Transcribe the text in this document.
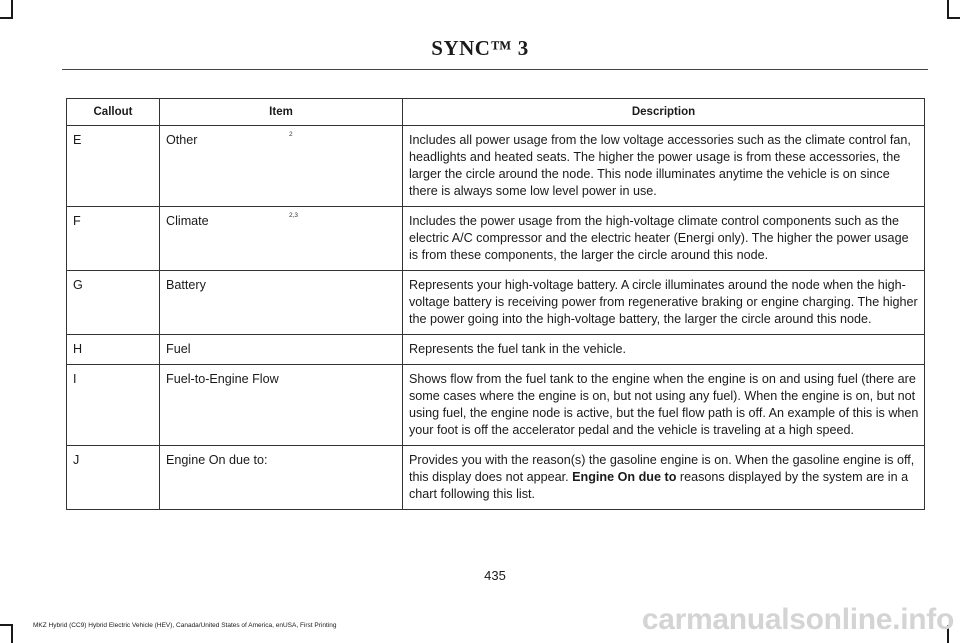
SYNC™ 3
Callout	Item	Description
E	Other 2	Includes all power usage from the low voltage accessories such as the climate control fan, headlights and heated seats. The higher the power usage is from these accessories, the larger the circle around the node. This node illuminates anytime the vehicle is on since there is always some low level power in use.
F	Climate 2,3	Includes the power usage from the high-voltage climate control components such as the electric A/C compressor and the electric heater (Energi only). The higher the power usage is from these components, the larger the circle around this node.
G	Battery	Represents your high-voltage battery. A circle illuminates around the node when the high-voltage battery is receiving power from regenerative braking or engine charging. The higher the power going into the high-voltage battery, the larger the circle around this node.
H	Fuel	Represents the fuel tank in the vehicle.
I	Fuel-to-Engine Flow	Shows flow from the fuel tank to the engine when the engine is on and using fuel (there are some cases where the engine is on, but not using any fuel). When the engine is on, but not using fuel, the engine node is active, but the fuel flow path is off. An example of this is when your foot is off the accelerator pedal and the vehicle is traveling at a high speed.
J	Engine On due to:	Provides you with the reason(s) the gasoline engine is on. When the gasoline engine is off, this display does not appear. Engine On due to reasons displayed by the system are in a chart following this list.
435
MKZ Hybrid (CC9) Hybrid Electric Vehicle (HEV), Canada/United States of America, enUSA, First Printing	carmanualsonline.info
